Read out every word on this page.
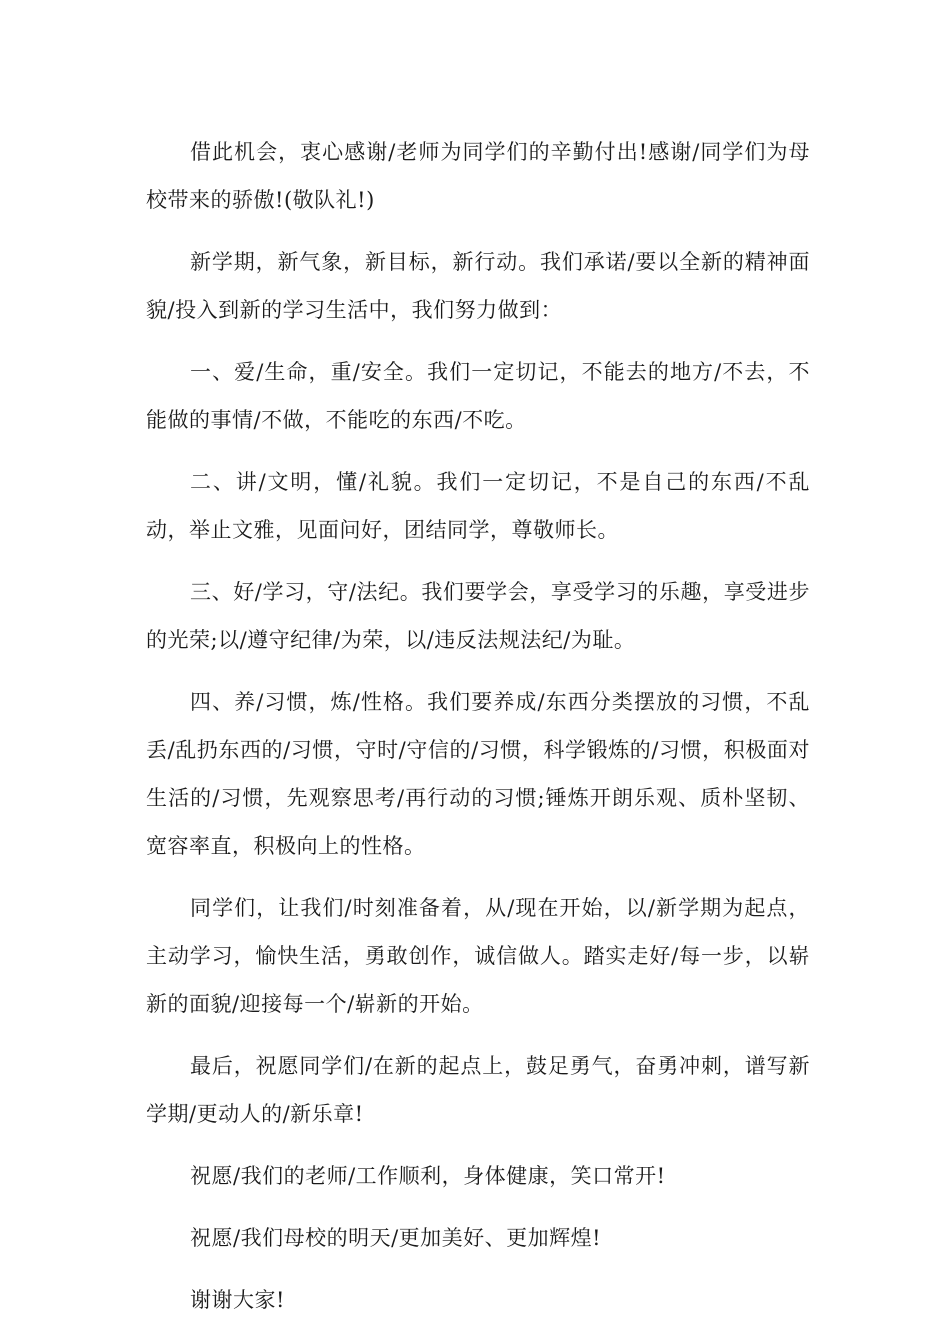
借此机会，衷心感谢/老师为同学们的辛勤付出!感谢/同学们为母校带来的骄傲!(敬队礼!)

新学期，新气象，新目标，新行动。我们承诺/要以全新的精神面貌/投入到新的学习生活中，我们努力做到：

一、爱/生命，重/安全。我们一定切记，不能去的地方/不去，不能做的事情/不做，不能吃的东西/不吃。

二、讲/文明，懂/礼貌。我们一定切记，不是自己的东西/不乱动，举止文雅，见面问好，团结同学，尊敬师长。

三、好/学习，守/法纪。我们要学会，享受学习的乐趣，享受进步的光荣;以/遵守纪律/为荣，以/违反法规法纪/为耻。

四、养/习惯，炼/性格。我们要养成/东西分类摆放的习惯，不乱丢/乱扔东西的/习惯，守时/守信的/习惯，科学锻炼的/习惯，积极面对生活的/习惯，先观察思考/再行动的习惯;锤炼开朗乐观、质朴坚韧、宽容率直，积极向上的性格。

同学们，让我们/时刻准备着，从/现在开始，以/新学期为起点，主动学习，愉快生活，勇敢创作，诚信做人。踏实走好/每一步，以崭新的面貌/迎接每一个/崭新的开始。

最后，祝愿同学们/在新的起点上，鼓足勇气，奋勇冲刺，谱写新学期/更动人的/新乐章!

祝愿/我们的老师/工作顺利，身体健康，笑口常开!

祝愿/我们母校的明天/更加美好、更加辉煌!

谢谢大家!
